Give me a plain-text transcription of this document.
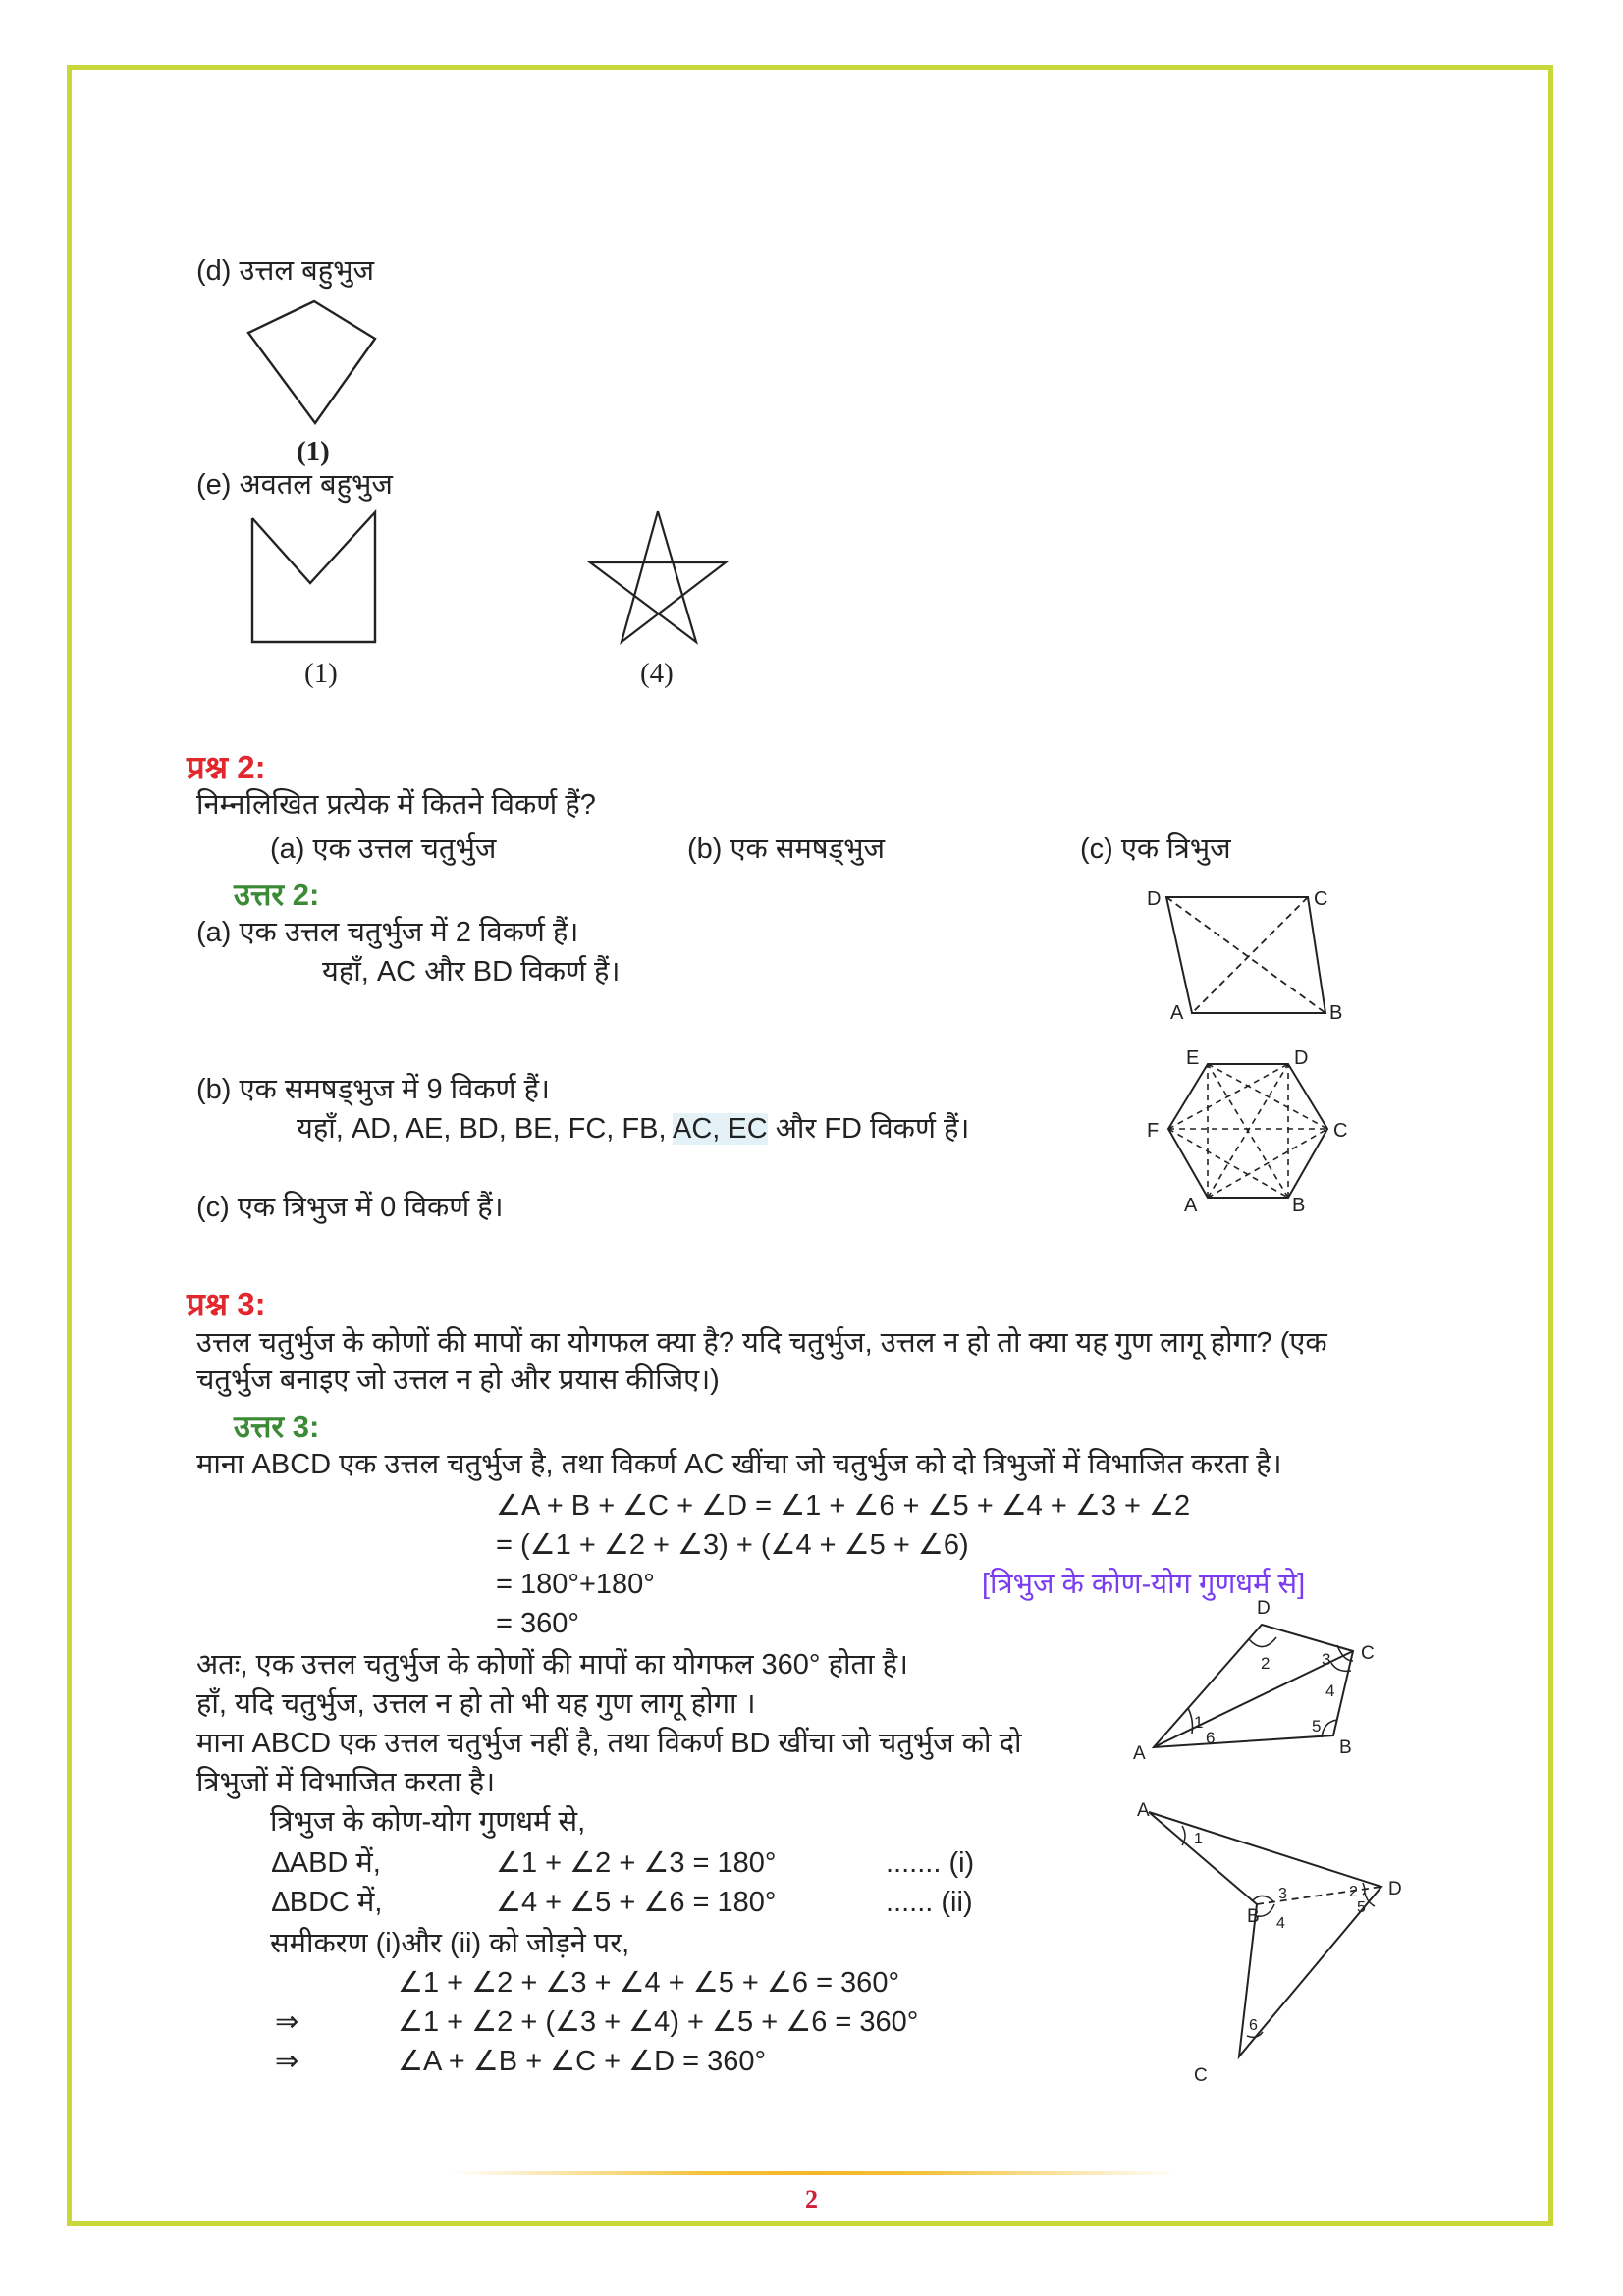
(d) उत्तल बहुभुज
(1)
(e) अवतल बहुभुज
(1)	(4)
प्रश्न 2:
निम्नलिखित प्रत्येक में कितने विकर्ण हैं?
(a) एक उत्तल चतुर्भुज	(b) एक समषड्भुज	(c) एक त्रिभुज
उत्तर 2:
(a) एक उत्तल चतुर्भुज में 2 विकर्ण हैं।
यहाँ, AC और BD विकर्ण हैं।
D	C
A	B
(b) एक समषड्भुज में 9 विकर्ण हैं।
यहाँ, AD, AE, BD, BE, FC, FB, AC, EC और FD विकर्ण हैं।
(c) एक त्रिभुज में 0 विकर्ण हैं।
E	D
F	C
A	B
प्रश्न 3:
उत्तल चतुर्भुज के कोणों की मापों का योगफल क्या है? यदि चतुर्भुज, उत्तल न हो तो क्या यह गुण लागू होगा? (एक
चतुर्भुज बनाइए जो उत्तल न हो और प्रयास कीजिए।)
उत्तर 3:
माना ABCD एक उत्तल चतुर्भुज है, तथा विकर्ण AC खींचा जो चतुर्भुज को दो त्रिभुजों में विभाजित करता है।
∠A + B + ∠C + ∠D = ∠1 + ∠6 + ∠5 + ∠4 + ∠3 + ∠2
= (∠1 + ∠2 + ∠3) + (∠4 + ∠5 + ∠6)
= 180°+180°	[त्रिभुज के कोण-योग गुणधर्म से]
= 360°	D
C
A	B
2	3
4
5
1
6
अतः, एक उत्तल चतुर्भुज के कोणों की मापों का योगफल 360° होता है।
हाँ, यदि चतुर्भुज, उत्तल न हो तो भी यह गुण लागू होगा ।
माना ABCD एक उत्तल चतुर्भुज नहीं है, तथा विकर्ण BD खींचा जो चतुर्भुज को दो
त्रिभुजों में विभाजित करता है।
त्रिभुज के कोण-योग गुणधर्म से,
∆ABD में,	∠1 + ∠2 + ∠3 = 180°	....... (i)
∆BDC में,	∠4 + ∠5 + ∠6 = 180°	...... (ii)
समीकरण (i)और (ii) को जोड़ने पर,
∠1 + ∠2 + ∠3 + ∠4 + ∠5 + ∠6 = 360°
⇒	∠1 + ∠2 + (∠3 + ∠4) + ∠5 + ∠6 = 360°
⇒	∠A + ∠B + ∠C + ∠D = 360°
A
D
B
C
1
3	2
4
5
6
2
